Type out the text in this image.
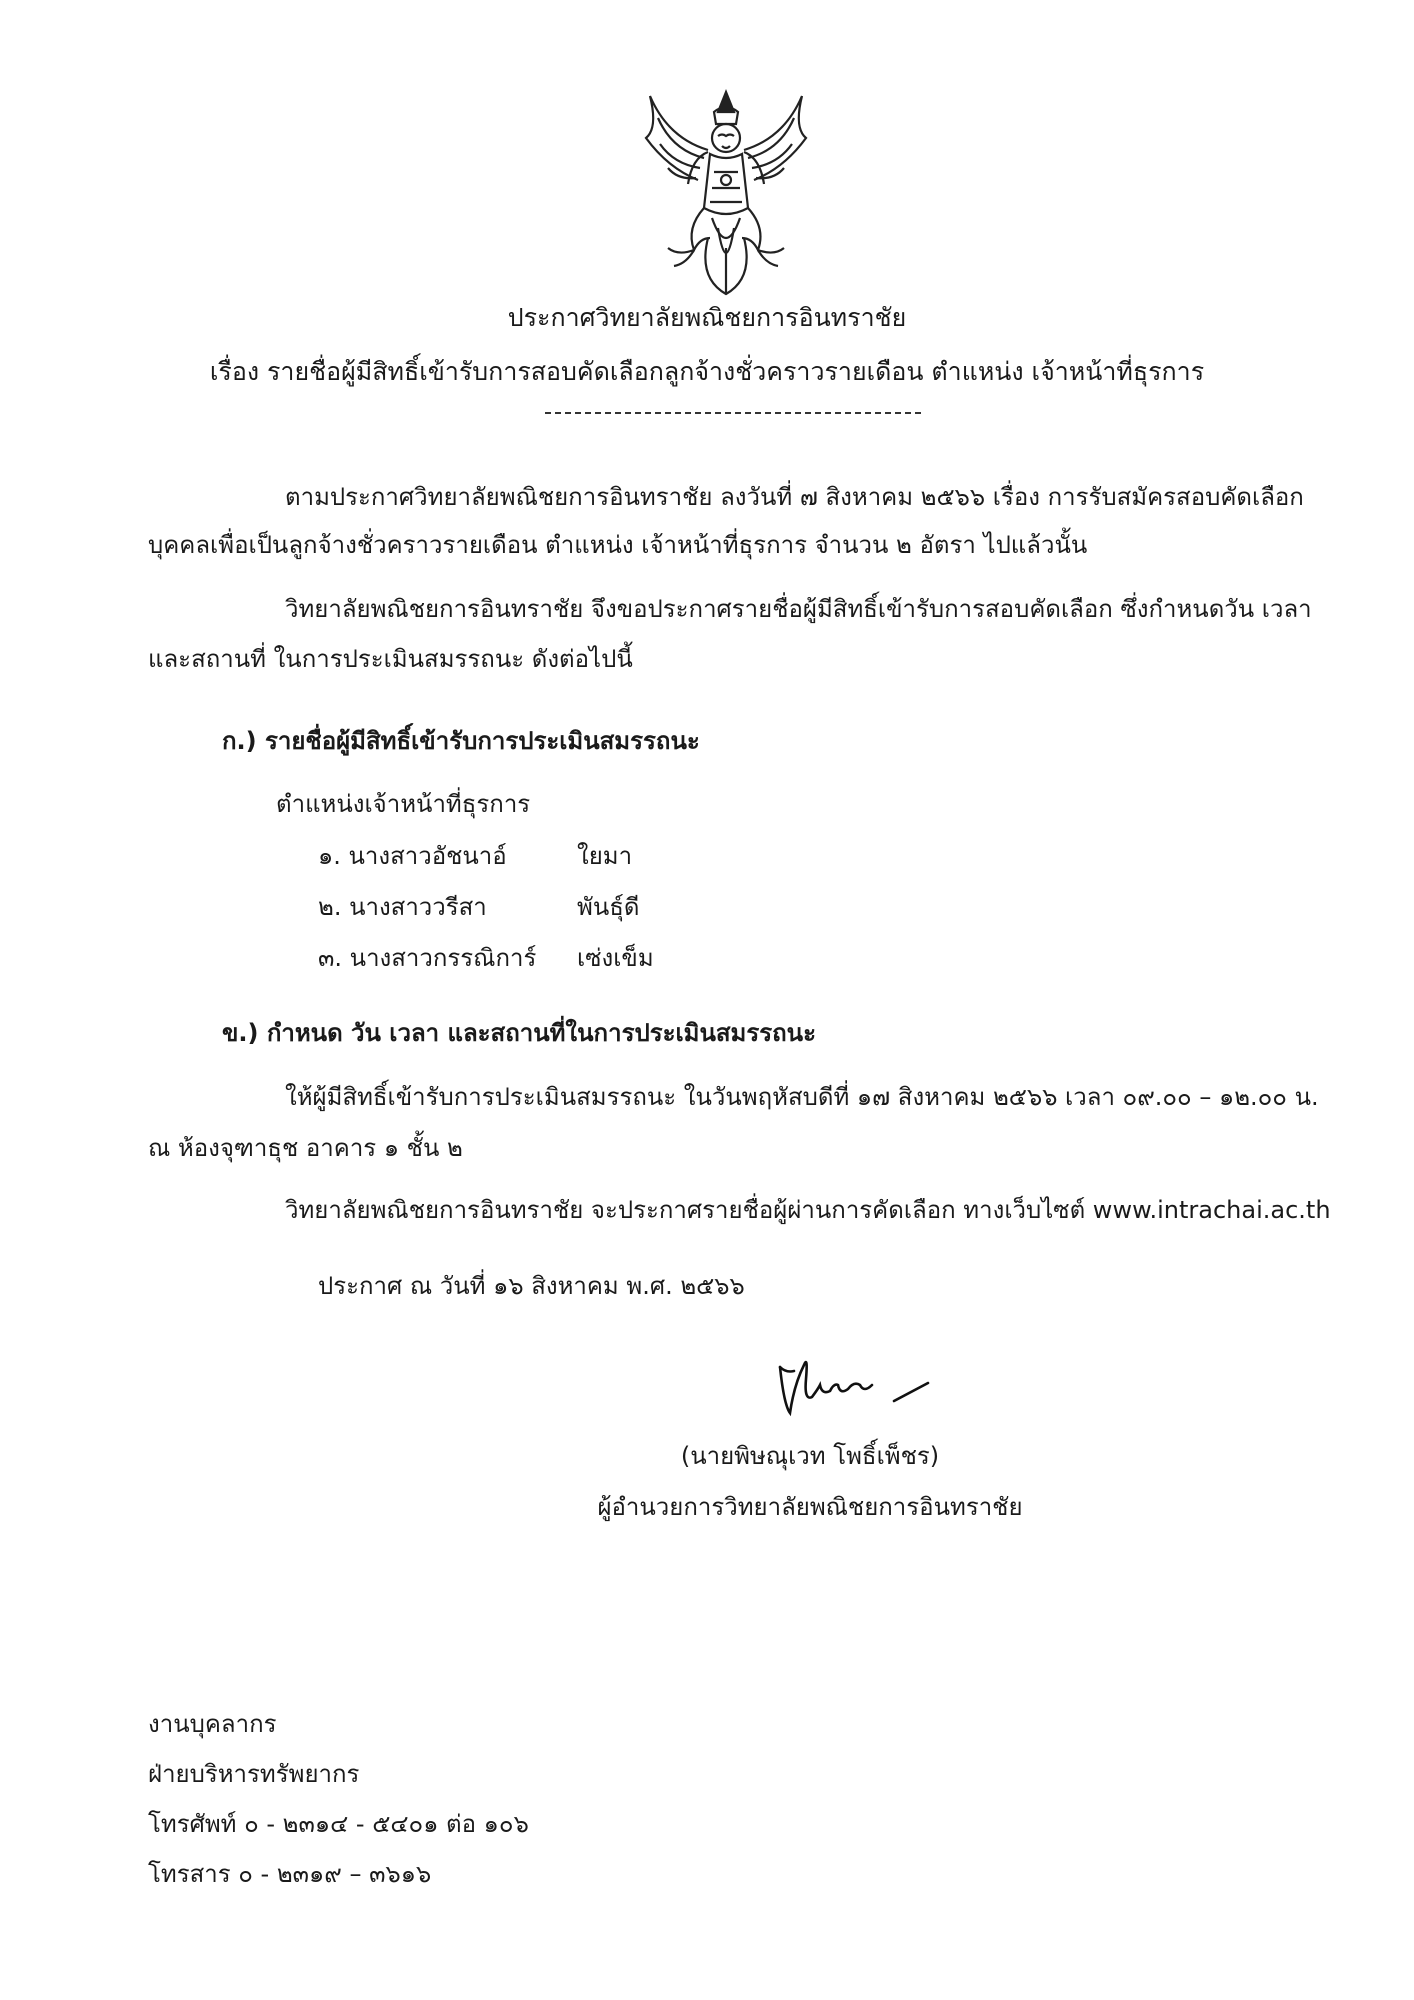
ประกาศวิทยาลัยพณิชยการอินทราชัย
เรื่อง รายชื่อผู้มีสิทธิ์เข้ารับการสอบคัดเลือกลูกจ้างชั่วคราวรายเดือน ตำแหน่ง เจ้าหน้าที่ธุรการ
ตามประกาศวิทยาลัยพณิชยการอินทราชัย ลงวันที่ ๗ สิงหาคม ๒๕๖๖ เรื่อง การรับสมัครสอบคัดเลือก
บุคคลเพื่อเป็นลูกจ้างชั่วคราวรายเดือน ตำแหน่ง เจ้าหน้าที่ธุรการ จำนวน ๒ อัตรา ไปแล้วนั้น
วิทยาลัยพณิชยการอินทราชัย จึงขอประกาศรายชื่อผู้มีสิทธิ์เข้ารับการสอบคัดเลือก ซึ่งกำหนดวัน เวลา
และสถานที่ ในการประเมินสมรรถนะ ดังต่อไปนี้
ก.) รายชื่อผู้มีสิทธิ์เข้ารับการประเมินสมรรถนะ
ตำแหน่งเจ้าหน้าที่ธุรการ
๑. นางสาวอัชนาอ์	ใยมา
๒. นางสาววรีสา	พันธุ์ดี
๓. นางสาวกรรณิการ์	เซ่งเข็ม
ข.) กำหนด วัน เวลา และสถานที่ในการประเมินสมรรถนะ
ให้ผู้มีสิทธิ์เข้ารับการประเมินสมรรถนะ ในวันพฤหัสบดีที่ ๑๗ สิงหาคม ๒๕๖๖ เวลา ๐๙.๐๐ – ๑๒.๐๐ น.
ณ ห้องจุฑาธุช อาคาร ๑ ชั้น ๒
วิทยาลัยพณิชยการอินทราชัย จะประกาศรายชื่อผู้ผ่านการคัดเลือก ทางเว็บไซต์ www.intrachai.ac.th
ประกาศ ณ วันที่ ๑๖ สิงหาคม พ.ศ. ๒๕๖๖
(นายพิษณุเวท โพธิ์เพ็ชร)
ผู้อำนวยการวิทยาลัยพณิชยการอินทราชัย
งานบุคลากร
ฝ่ายบริหารทรัพยากร
โทรศัพท์ ๐ - ๒๓๑๔ - ๕๔๐๑ ต่อ ๑๐๖
โทรสาร ๐ - ๒๓๑๙ – ๓๖๑๖
